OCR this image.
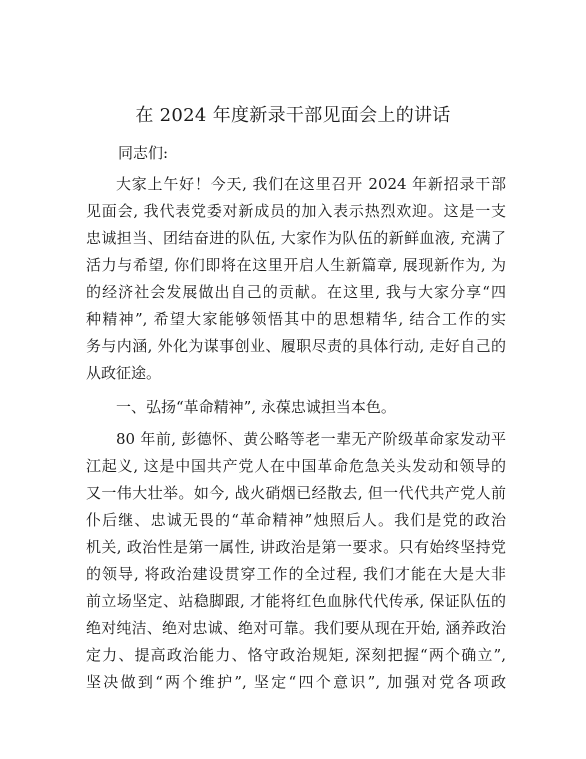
在 2024 年度新录干部见面会上的讲话
同志们:
大家上午好！今天, 我们在这里召开 2024 年新招录干部
见面会, 我代表党委对新成员的加入表示热烈欢迎。这是一支
忠诚担当、团结奋进的队伍, 大家作为队伍的新鲜血液, 充满了
活力与希望, 你们即将在这里开启人生新篇章, 展现新作为, 为
的经济社会发展做出自己的贡献。在这里, 我与大家分享“四
种精神”, 希望大家能够领悟其中的思想精华, 结合工作的实
务与内涵, 外化为谋事创业、履职尽责的具体行动, 走好自己的
从政征途。
一、弘扬“革命精神”, 永葆忠诚担当本色。
80 年前, 彭德怀、黄公略等老一辈无产阶级革命家发动平
江起义, 这是中国共产党人在中国革命危急关头发动和领导的
又一伟大壮举。如今, 战火硝烟已经散去, 但一代代共产党人前
仆后继、忠诚无畏的“革命精神”烛照后人。我们是党的政治
机关, 政治性是第一属性, 讲政治是第一要求。只有始终坚持党
的领导, 将政治建设贯穿工作的全过程, 我们才能在大是大非
前立场坚定、站稳脚跟, 才能将红色血脉代代传承, 保证队伍的
绝对纯洁、绝对忠诚、绝对可靠。我们要从现在开始, 涵养政治
定力、提高政治能力、恪守政治规矩, 深刻把握“两个确立”,
坚决做到“两个维护”, 坚定“四个意识”, 加强对党各项政
